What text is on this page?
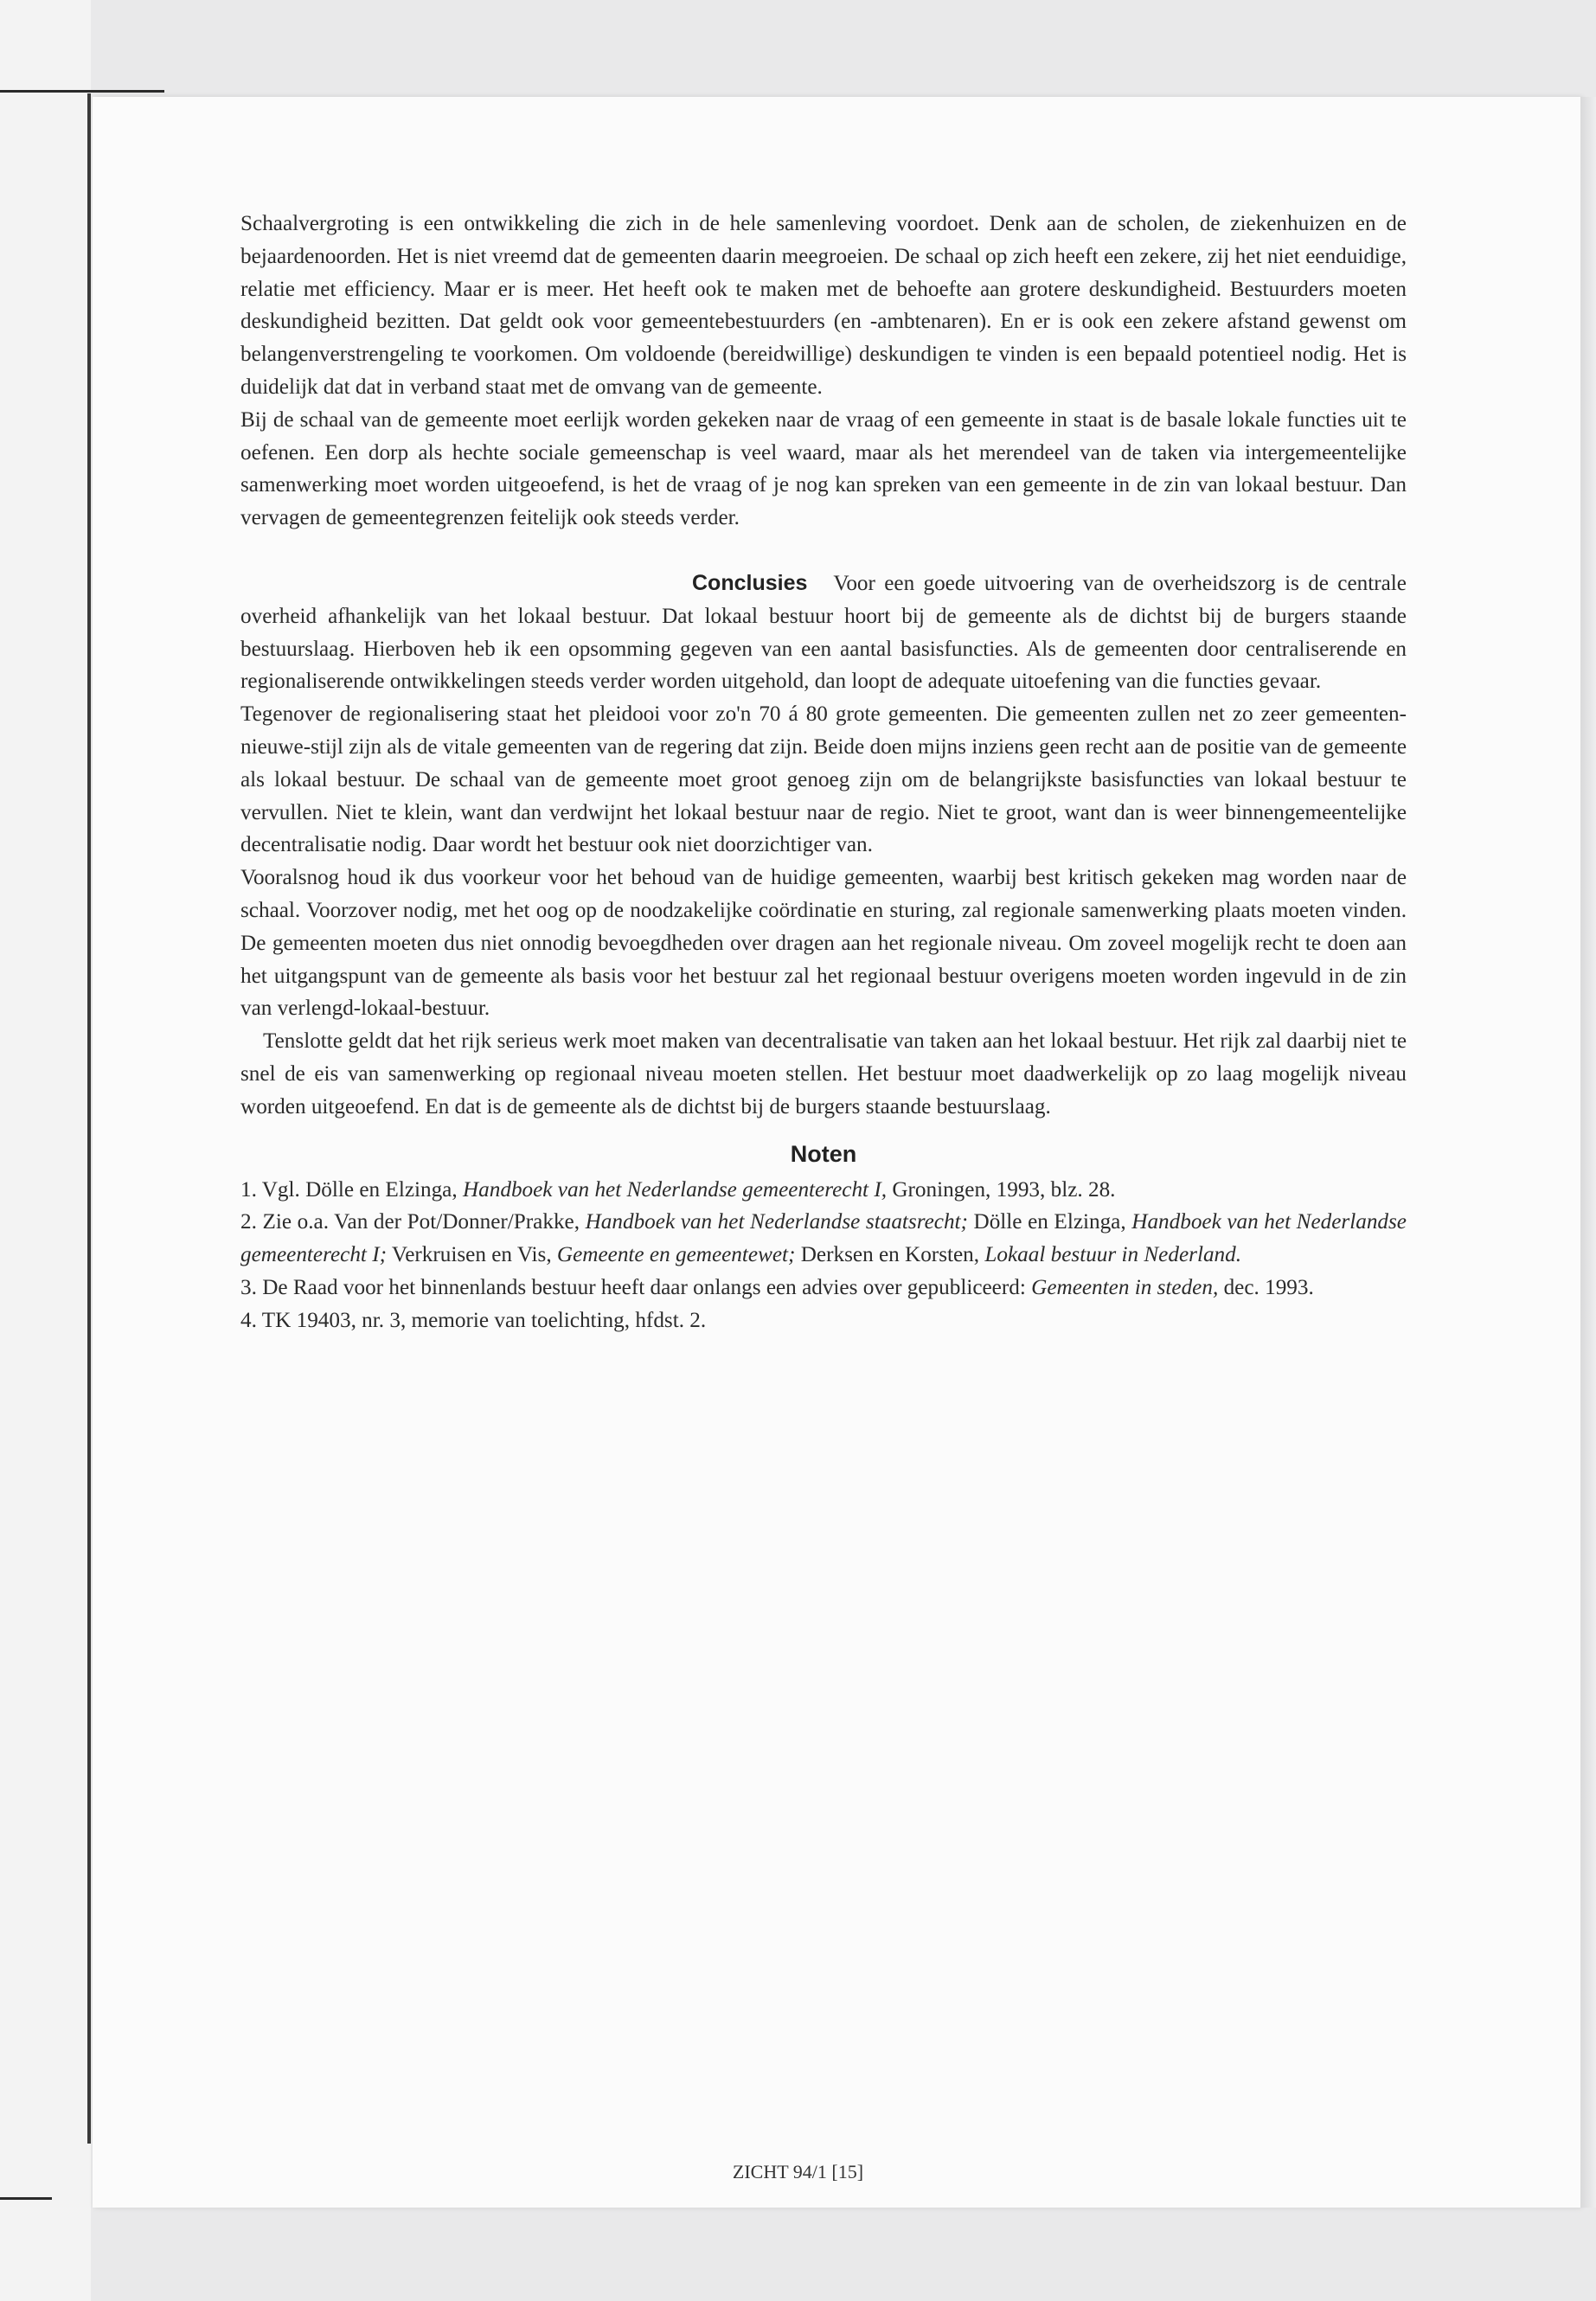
Schaalvergroting is een ontwikkeling die zich in de hele samenleving voordoet. Denk aan de scholen, de ziekenhuizen en de bejaardenoorden. Het is niet vreemd dat de gemeenten daarin meegroeien. De schaal op zich heeft een zekere, zij het niet eenduidige, relatie met efficiency. Maar er is meer. Het heeft ook te maken met de behoefte aan grotere deskundigheid. Bestuurders moeten deskundigheid bezitten. Dat geldt ook voor gemeentebestuurders (en -ambtenaren). En er is ook een zekere afstand gewenst om belangenverstrengeling te voorkomen. Om voldoende (bereidwillige) deskundigen te vinden is een bepaald potentieel nodig. Het is duidelijk dat dat in verband staat met de omvang van de gemeente.

Bij de schaal van de gemeente moet eerlijk worden gekeken naar de vraag of een gemeente in staat is de basale lokale functies uit te oefenen. Een dorp als hechte sociale gemeenschap is veel waard, maar als het merendeel van de taken via intergemeentelijke samenwerking moet worden uitgeoefend, is het de vraag of je nog kan spreken van een gemeente in de zin van lokaal bestuur. Dan vervagen de gemeentegrenzen feitelijk ook steeds verder.

Conclusies Voor een goede uitvoering van de overheidszorg is de centrale overheid afhankelijk van het lokaal bestuur. Dat lokaal bestuur hoort bij de gemeente als de dichtst bij de burgers staande bestuurslaag. Hierboven heb ik een opsomming gegeven van een aantal basisfuncties. Als de gemeenten door centraliserende en regionaliserende ontwikkelingen steeds verder worden uitgehold, dan loopt de adequate uitoefening van die functies gevaar.

Tegenover de regionalisering staat het pleidooi voor zo'n 70 á 80 grote gemeenten. Die gemeenten zullen net zo zeer gemeenten-nieuwe-stijl zijn als de vitale gemeenten van de regering dat zijn. Beide doen mijns inziens geen recht aan de positie van de gemeente als lokaal bestuur. De schaal van de gemeente moet groot genoeg zijn om de belangrijkste basisfuncties van lokaal bestuur te vervullen. Niet te klein, want dan verdwijnt het lokaal bestuur naar de regio. Niet te groot, want dan is weer binnengemeentelijke decentralisatie nodig. Daar wordt het bestuur ook niet doorzichtiger van.

Vooralsnog houd ik dus voorkeur voor het behoud van de huidige gemeenten, waarbij best kritisch gekeken mag worden naar de schaal. Voorzover nodig, met het oog op de noodzakelijke coördinatie en sturing, zal regionale samenwerking plaats moeten vinden. De gemeenten moeten dus niet onnodig bevoegdheden over dragen aan het regionale niveau. Om zoveel mogelijk recht te doen aan het uitgangspunt van de gemeente als basis voor het bestuur zal het regionaal bestuur overigens moeten worden ingevuld in de zin van verlengd-lokaal-bestuur.

Tenslotte geldt dat het rijk serieus werk moet maken van decentralisatie van taken aan het lokaal bestuur. Het rijk zal daarbij niet te snel de eis van samenwerking op regionaal niveau moeten stellen. Het bestuur moet daadwerkelijk op zo laag mogelijk niveau worden uitgeoefend. En dat is de gemeente als de dichtst bij de burgers staande bestuurslaag.

Noten

1. Vgl. Dölle en Elzinga, Handboek van het Nederlandse gemeenterecht I, Groningen, 1993, blz. 28.

2. Zie o.a. Van der Pot/Donner/Prakke, Handboek van het Nederlandse staatsrecht; Dölle en Elzinga, Handboek van het Nederlandse gemeenterecht I; Verkruisen en Vis, Gemeente en gemeentewet; Derksen en Korsten, Lokaal bestuur in Nederland.

3. De Raad voor het binnenlands bestuur heeft daar onlangs een advies over gepubliceerd: Gemeenten in steden, dec. 1993.

4. TK 19403, nr. 3, memorie van toelichting, hfdst. 2.

ZICHT 94/1 [15]
